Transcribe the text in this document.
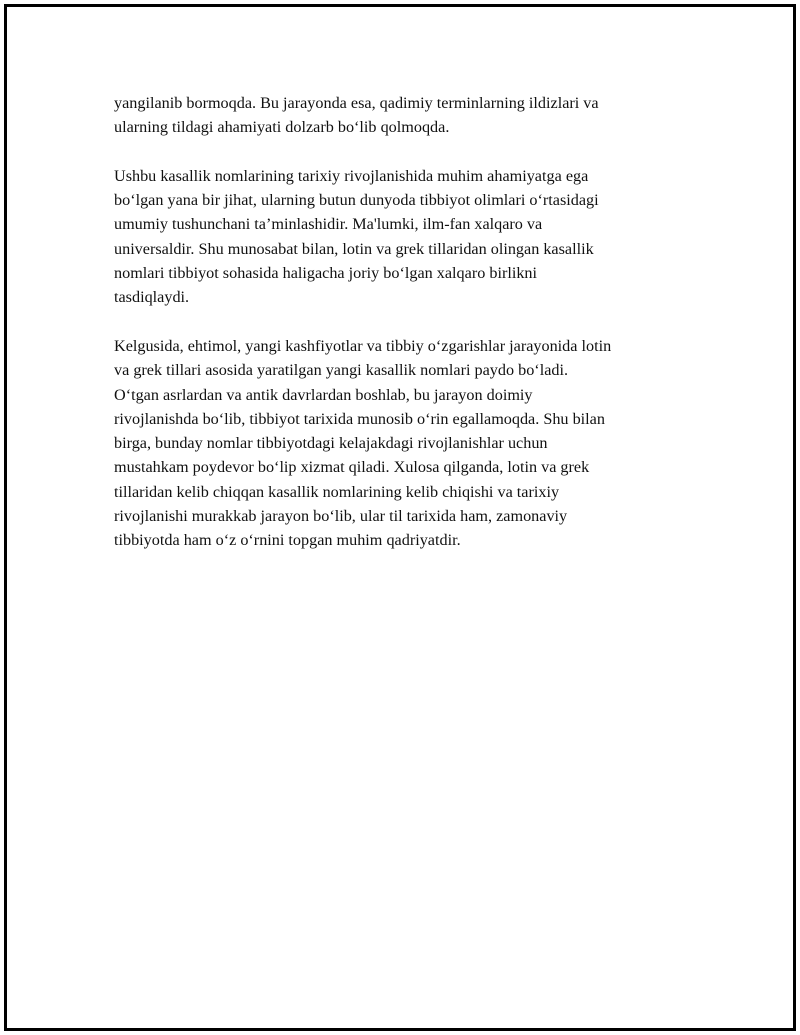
yangilanib bormoqda. Bu jarayonda esa, qadimiy terminlarning ildizlari va
ularning tildagi ahamiyati dolzarb bo‘lib qolmoqda.

Ushbu kasallik nomlarining tarixiy rivojlanishida muhim ahamiyatga ega
bo‘lgan yana bir jihat, ularning butun dunyoda tibbiyot olimlari o‘rtasidagi
umumiy tushunchani ta’minlashidir. Ma'lumki, ilm-fan xalqaro va
universaldir. Shu munosabat bilan, lotin va grek tillaridan olingan kasallik
nomlari tibbiyot sohasida haligacha joriy bo‘lgan xalqaro birlikni
tasdiqlaydi.

Kelgusida, ehtimol, yangi kashfiyotlar va tibbiy o‘zgarishlar jarayonida lotin
va grek tillari asosida yaratilgan yangi kasallik nomlari paydo bo‘ladi.
O‘tgan asrlardan va antik davrlardan boshlab, bu jarayon doimiy
rivojlanishda bo‘lib, tibbiyot tarixida munosib o‘rin egallamoqda. Shu bilan
birga, bunday nomlar tibbiyotdagi kelajakdagi rivojlanishlar uchun
mustahkam poydevor bo‘lip xizmat qiladi. Xulosa qilganda, lotin va grek
tillaridan kelib chiqqan kasallik nomlarining kelib chiqishi va tarixiy
rivojlanishi murakkab jarayon bo‘lib, ular til tarixida ham, zamonaviy
tibbiyotda ham o‘z o‘rnini topgan muhim qadriyatdir.
